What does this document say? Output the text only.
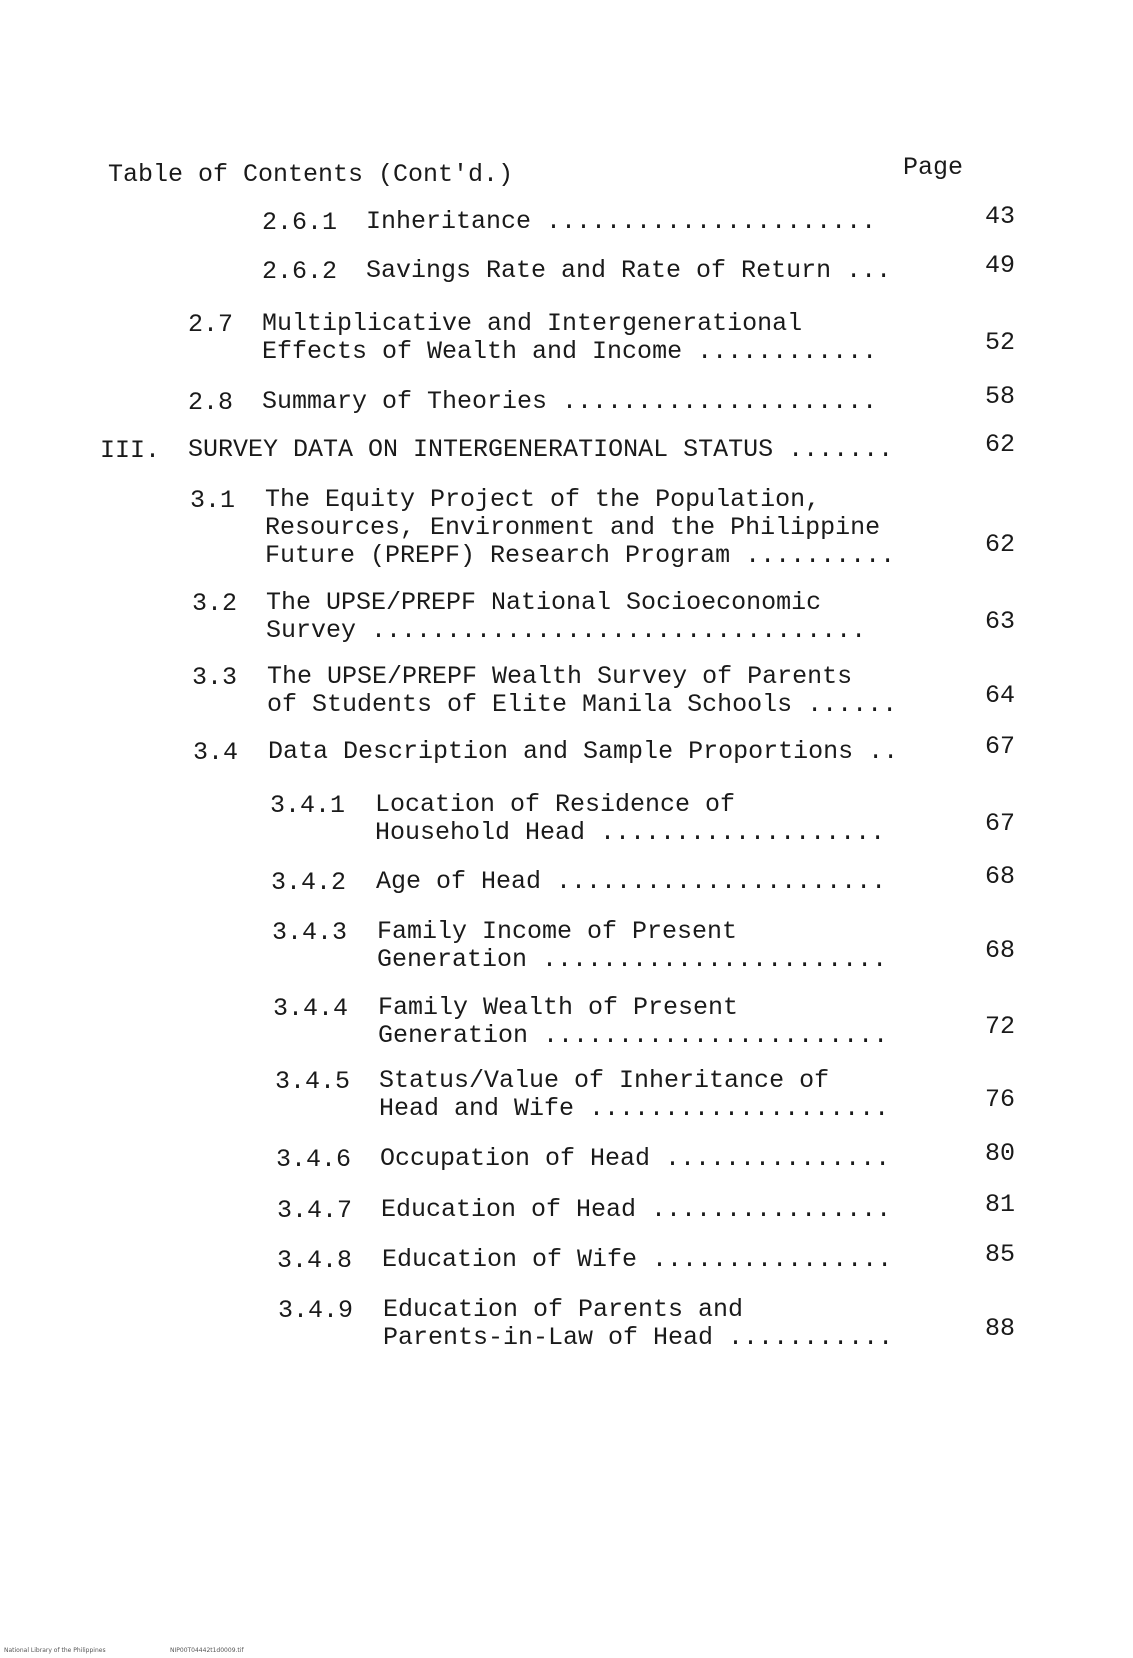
Table of Contents (Cont'd.)	Page
2.6.1 Inheritance ......................	43
2.6.2 Savings Rate and Rate of Return ...	49
2.7 Multiplicative and Intergenerational
Effects of Wealth and Income ............	52
2.8 Summary of Theories .....................	58
III. SURVEY DATA ON INTERGENERATIONAL STATUS .......	62
3.1 The Equity Project of the Population,
Resources, Environment and the Philippine
Future (PREPF) Research Program ..........	62
3.2 The UPSE/PREPF National Socioeconomic
Survey .................................	63
3.3 The UPSE/PREPF Wealth Survey of Parents
of Students of Elite Manila Schools ......	64
3.4 Data Description and Sample Proportions ..	67
3.4.1 Location of Residence of
Household Head ...................	67
3.4.2 Age of Head ......................	68
3.4.3 Family Income of Present
Generation .......................	68
3.4.4 Family Wealth of Present
Generation .......................	72
3.4.5 Status/Value of Inheritance of
Head and Wife ....................	76
3.4.6 Occupation of Head ...............	80
3.4.7 Education of Head ................	81
3.4.8 Education of Wife ................	85
3.4.9 Education of Parents and
Parents-in-Law of Head ...........	88
National Library of the Philippines	NIP00T04442t1d0009.tif
